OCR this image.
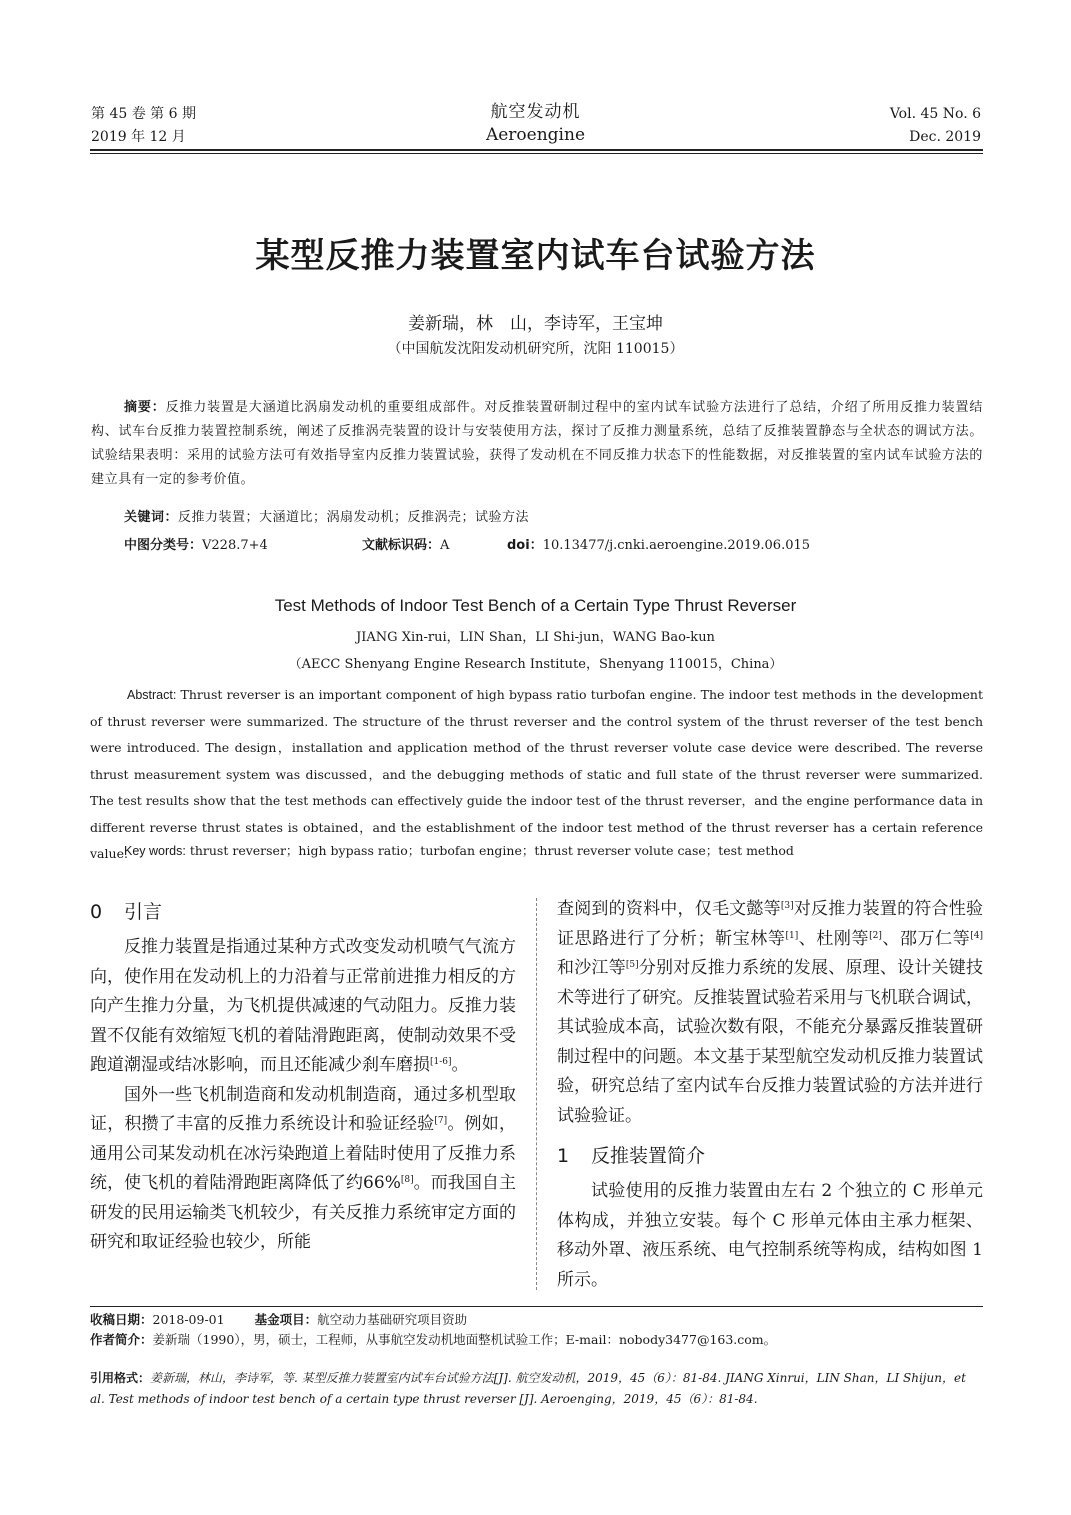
第 45 卷 第 6 期
2019 年 12 月
航空发动机
Aeroengine
Vol. 45 No. 6
Dec. 2019
某型反推力装置室内试车台试验方法
姜新瑞，林　山，李诗军，王宝坤
（中国航发沈阳发动机研究所，沈阳 110015）
摘要：反推力装置是大涵道比涡扇发动机的重要组成部件。对反推装置研制过程中的室内试车试验方法进行了总结，介绍了所用反推力装置结构、试车台反推力装置控制系统，阐述了反推涡壳装置的设计与安装使用方法，探讨了反推力测量系统，总结了反推装置静态与全状态的调试方法。试验结果表明：采用的试验方法可有效指导室内反推力装置试验，获得了发动机在不同反推力状态下的性能数据，对反推装置的室内试车试验方法的建立具有一定的参考价值。
关键词：反推力装置；大涵道比；涡扇发动机；反推涡壳；试验方法
中图分类号：V228.7+4	文献标识码：A	doi：10.13477/j.cnki.aeroengine.2019.06.015
Test Methods of Indoor Test Bench of a Certain Type Thrust Reverser
JIANG Xin-rui，LIN Shan，LI Shi-jun，WANG Bao-kun
（AECC Shenyang Engine Research Institute，Shenyang 110015，China）
Abstract: Thrust reverser is an important component of high bypass ratio turbofan engine. The indoor test methods in the development of thrust reverser were summarized. The structure of the thrust reverser and the control system of the thrust reverser of the test bench were introduced. The design，installation and application method of the thrust reverser volute case device were described. The reverse thrust measurement system was discussed，and the debugging methods of static and full state of the thrust reverser were summarized. The test results show that the test methods can effectively guide the indoor test of the thrust reverser，and the engine performance data in different reverse thrust states is obtained，and the establishment of the indoor test method of the thrust reverser has a certain reference value.
Key words: thrust reverser；high bypass ratio；turbofan engine；thrust reverser volute case；test method
0 引言

反推力装置是指通过某种方式改变发动机喷气气流方向，使作用在发动机上的力沿着与正常前进推力相反的方向产生推力分量，为飞机提供减速的气动阻力。反推力装置不仅能有效缩短飞机的着陆滑跑距离，使制动效果不受跑道潮湿或结冰影响，而且还能减少刹车磨损[1-6]。

国外一些飞机制造商和发动机制造商，通过多机型取证，积攒了丰富的反推力系统设计和验证经验[7]。例如，通用公司某发动机在冰污染跑道上着陆时使用了反推力系统，使飞机的着陆滑跑距离降低了约66%[8]。而我国自主研发的民用运输类飞机较少，有关反推力系统审定方面的研究和取证经验也较少，所能

查阅到的资料中，仅毛文懿等[3]对反推力装置的符合性验证思路进行了分析；靳宝林等[1]、杜刚等[2]、邵万仁等[4]和沙江等[5]分别对反推力系统的发展、原理、设计关键技术等进行了研究。反推装置试验若采用与飞机联合调试，其试验成本高，试验次数有限，不能充分暴露反推装置研制过程中的问题。本文基于某型航空发动机反推力装置试验，研究总结了室内试车台反推力装置试验的方法并进行试验验证。

1 反推装置简介

试验使用的反推力装置由左右 2 个独立的 C 形单元体构成，并独立安装。每个 C 形单元体由主承力框架、移动外罩、液压系统、电气控制系统等构成，结构如图 1 所示。

收稿日期：2018-09-01 基金项目：航空动力基础研究项目资助
作者简介：姜新瑞（1990），男，硕士，工程师，从事航空发动机地面整机试验工作；E-mail：nobody3477@163.com。
引用格式：姜新瑞，林山，李诗军，等. 某型反推力装置室内试车台试验方法[J]. 航空发动机，2019，45（6）：81-84. JIANG Xinrui，LIN Shan，LI Shijun，et al. Test methods of indoor test bench of a certain type thrust reverser [J]. Aeroenging，2019，45（6）：81-84.
